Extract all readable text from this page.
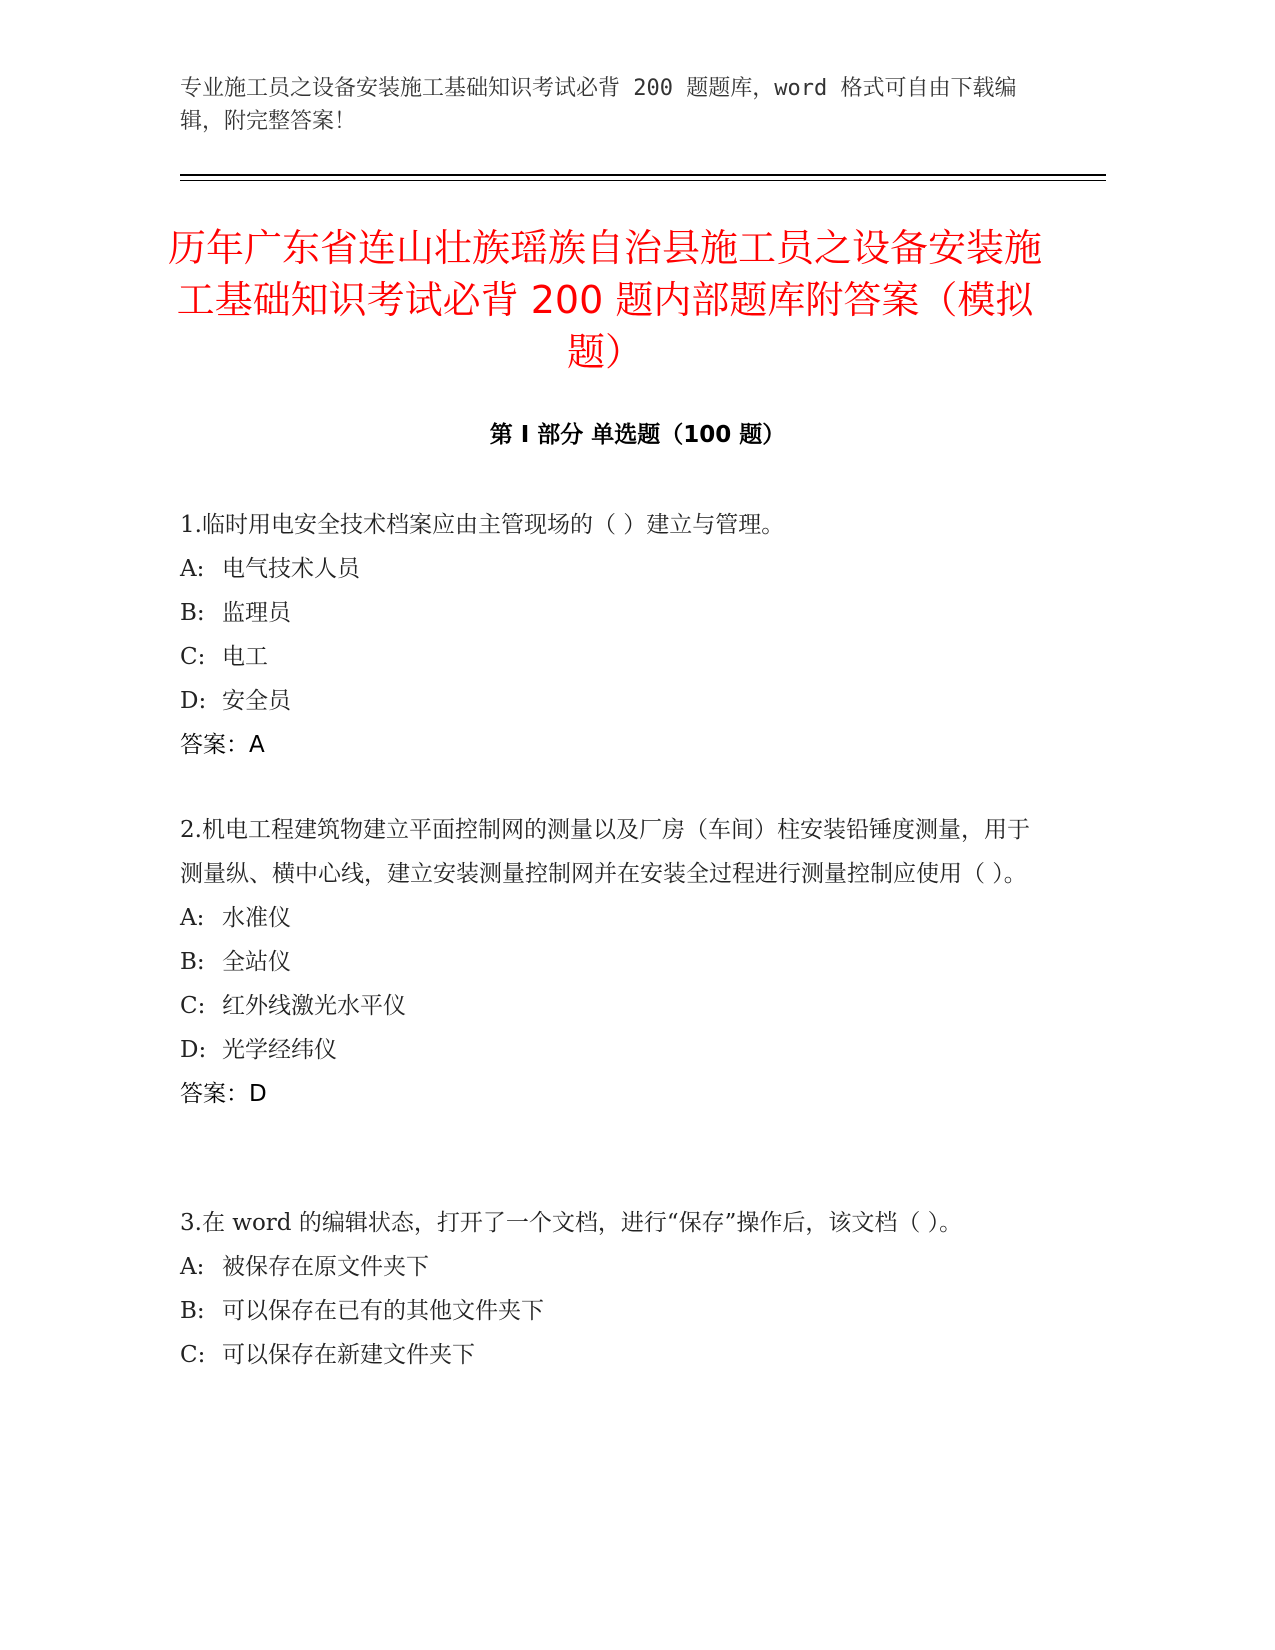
专业施工员之设备安装施工基础知识考试必背 200 题题库，word 格式可自由下载编辑，附完整答案！

历年广东省连山壮族瑶族自治县施工员之设备安装施工基础知识考试必背 200 题内部题库附答案（模拟题）
第 I 部分 单选题（100 题）

1.临时用电安全技术档案应由主管现场的（ ）建立与管理。

A: 电气技术人员

B: 监理员

C: 电工

D: 安全员

答案：A

2.机电工程建筑物建立平面控制网的测量以及厂房（车间）柱安装铅锤度测量，用于测量纵、横中心线，建立安装测量控制网并在安装全过程进行测量控制应使用（ ）。

A: 水准仪

B: 全站仪

C: 红外线激光水平仪

D: 光学经纬仪

答案：D

3.在 word 的编辑状态，打开了一个文档，进行“保存”操作后，该文档（ ）。

A: 被保存在原文件夹下

B: 可以保存在已有的其他文件夹下

C: 可以保存在新建文件夹下
